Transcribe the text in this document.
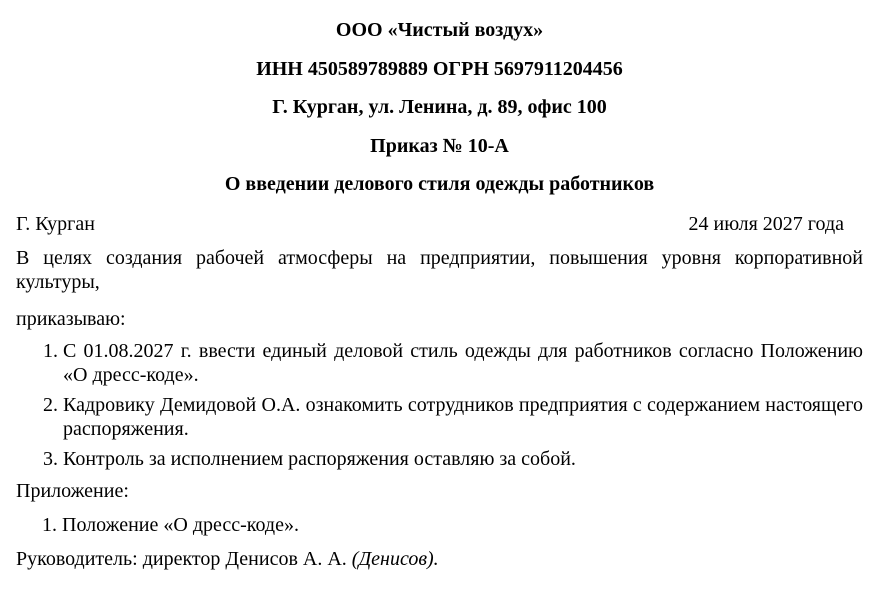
ООО «Чистый воздух»
ИНН 450589789889 ОГРН 5697911204456
Г. Курган, ул. Ленина, д. 89, офис 100
Приказ № 10-А
О введении делового стиля одежды работников
Г. Курган	24 июля 2027 года
В целях создания рабочей атмосферы на предприятии, повышения уровня корпоративной культуры,
приказываю:
1. С 01.08.2027 г. ввести единый деловой стиль одежды для работников согласно Положению «О дресс-коде».
2. Кадровику Демидовой О.А. ознакомить сотрудников предприятия с содержанием настоящего распоряжения.
3. Контроль за исполнением распоряжения оставляю за собой.
Приложение:
1. Положение «О дресс-коде».
Руководитель: директор Денисов А. А. (Денисов).
